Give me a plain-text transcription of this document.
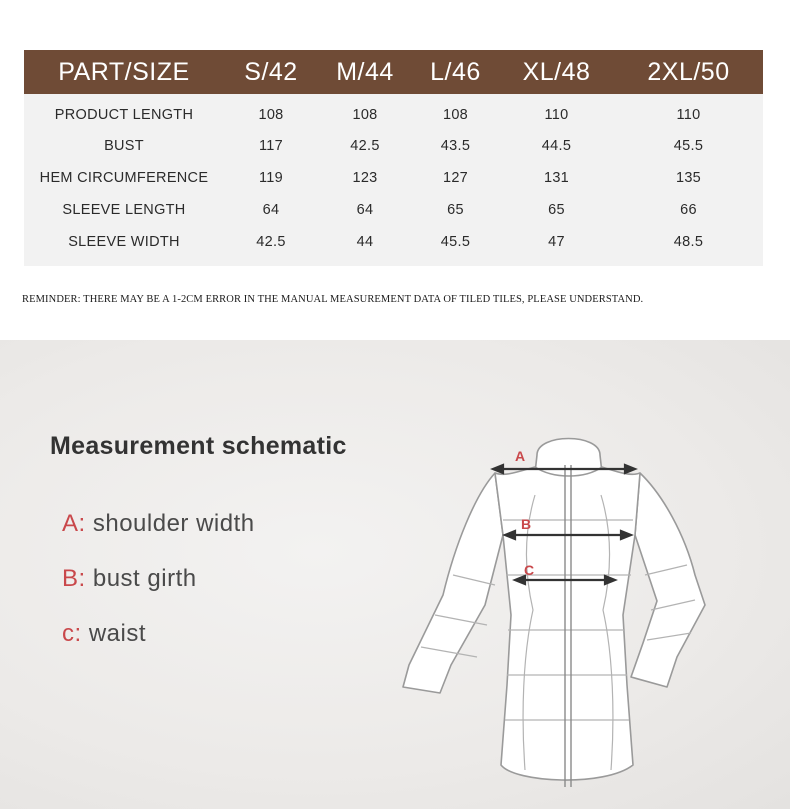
PART/SIZE	S/42	M/44	L/46	XL/48	2XL/50
PRODUCT LENGTH	108	108	108	110	110
BUST	117	42.5	43.5	44.5	45.5
HEM CIRCUMFERENCE	119	123	127	131	135
SLEEVE LENGTH	64	64	65	65	66
SLEEVE WIDTH	42.5	44	45.5	47	48.5
REMINDER: THERE MAY BE A 1-2CM ERROR IN THE MANUAL MEASUREMENT DATA OF TILED TILES, PLEASE UNDERSTAND.
Measurement schematic
A: shoulder width
B: bust girth
c: waist
A
B
C
